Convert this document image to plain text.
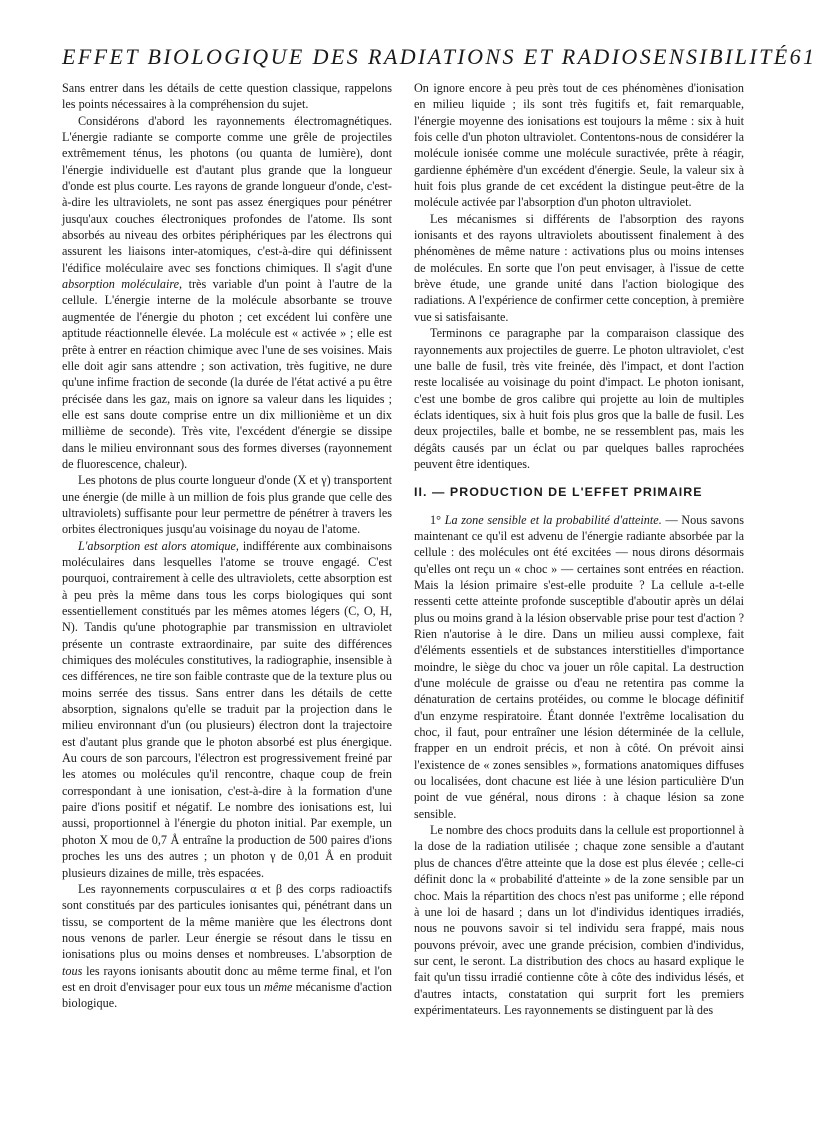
EFFET BIOLOGIQUE DES RADIATIONS ET RADIOSENSIBILITÉ 61

Sans entrer dans les détails de cette question classique, rappelons les points nécessaires à la compréhension du sujet.

Considérons d'abord les rayonnements électromagnétiques. L'énergie radiante se comporte comme une grêle de projectiles extrêmement ténus, les photons (ou quanta de lumière), dont l'énergie individuelle est d'autant plus grande que la longueur d'onde est plus courte. Les rayons de grande longueur d'onde, c'est-à-dire les ultraviolets, ne sont pas assez énergiques pour pénétrer jusqu'aux couches électroniques profondes de l'atome. Ils sont absorbés au niveau des orbites périphériques par les électrons qui assurent les liaisons inter-atomiques, c'est-à-dire qui définissent l'édifice moléculaire avec ses fonctions chimiques. Il s'agit d'une absorption moléculaire, très variable d'un point à l'autre de la cellule. L'énergie interne de la molécule absorbante se trouve augmentée de l'énergie du photon ; cet excédent lui confère une aptitude réactionnelle élevée. La molécule est « activée » ; elle est prête à entrer en réaction chimique avec l'une de ses voisines. Mais elle doit agir sans attendre ; son activation, très fugitive, ne dure qu'une infime fraction de seconde (la durée de l'état activé a pu être précisée dans les gaz, mais on ignore sa valeur dans les liquides ; elle est sans doute comprise entre un dix millionième et un dix millième de seconde). Très vite, l'excédent d'énergie se dissipe dans le milieu environnant sous des formes diverses (rayonnement de fluorescence, chaleur).

Les photons de plus courte longueur d'onde (X et γ) transportent une énergie (de mille à un million de fois plus grande que celle des ultraviolets) suffisante pour leur permettre de pénétrer à travers les orbites électroniques jusqu'au voisinage du noyau de l'atome.

L'absorption est alors atomique, indifférente aux combinaisons moléculaires dans lesquelles l'atome se trouve engagé. C'est pourquoi, contrairement à celle des ultraviolets, cette absorption est à peu près la même dans tous les corps biologiques qui sont essentiellement constitués par les mêmes atomes légers (C, O, H, N). Tandis qu'une photographie par transmission en ultraviolet présente un contraste extraordinaire, par suite des différences chimiques des molécules constitutives, la radiographie, insensible à ces différences, ne tire son faible contraste que de la texture plus ou moins serrée des tissus. Sans entrer dans les détails de cette absorption, signalons qu'elle se traduit par la projection dans le milieu environnant d'un (ou plusieurs) électron dont la trajectoire est d'autant plus grande que le photon absorbé est plus énergique. Au cours de son parcours, l'électron est progressivement freiné par les atomes ou molécules qu'il rencontre, chaque coup de frein correspondant à une ionisation, c'est-à-dire à la formation d'une paire d'ions positif et négatif. Le nombre des ionisations est, lui aussi, proportionnel à l'énergie du photon initial. Par exemple, un photon X mou de 0,7 Å entraîne la production de 500 paires d'ions proches les uns des autres ; un photon γ de 0,01 Å en produit plusieurs dizaines de mille, très espacées.

Les rayonnements corpusculaires α et β des corps radioactifs sont constitués par des particules ionisantes qui, pénétrant dans un tissu, se comportent de la même manière que les électrons dont nous venons de parler. Leur énergie se résout dans le tissu en ionisations plus ou moins denses et nombreuses. L'absorption de tous les rayons ionisants aboutit donc au même terme final, et l'on est en droit d'envisager pour eux tous un même mécanisme d'action biologique.

On ignore encore à peu près tout de ces phénomènes d'ionisation en milieu liquide ; ils sont très fugitifs et, fait remarquable, l'énergie moyenne des ionisations est toujours la même : six à huit fois celle d'un photon ultraviolet. Contentons-nous de considérer la molécule ionisée comme une molécule suractivée, prête à réagir, gardienne éphémère d'un excédent d'énergie. Seule, la valeur six à huit fois plus grande de cet excédent la distingue peut-être de la molécule activée par l'absorption d'un photon ultraviolet.

Les mécanismes si différents de l'absorption des rayons ionisants et des rayons ultraviolets aboutissent finalement à des phénomènes de même nature : activations plus ou moins intenses de molécules. En sorte que l'on peut envisager, à l'issue de cette brève étude, une grande unité dans l'action biologique des radiations. A l'expérience de confirmer cette conception, à première vue si satisfaisante.

Terminons ce paragraphe par la comparaison classique des rayonnements aux projectiles de guerre. Le photon ultraviolet, c'est une balle de fusil, très vite freinée, dès l'impact, et dont l'action reste localisée au voisinage du point d'impact. Le photon ionisant, c'est une bombe de gros calibre qui projette au loin de multiples éclats identiques, six à huit fois plus gros que la balle de fusil. Les deux projectiles, balle et bombe, ne se ressemblent pas, mais les dégâts causés par un éclat ou par quelques balles raprochées peuvent être identiques.

II. — PRODUCTION DE L'EFFET PRIMAIRE

1° La zone sensible et la probabilité d'atteinte. — Nous savons maintenant ce qu'il est advenu de l'énergie radiante absorbée par la cellule : des molécules ont été excitées — nous dirons désormais qu'elles ont reçu un « choc » — certaines sont entrées en réaction. Mais la lésion primaire s'est-elle produite ? La cellule a-t-elle ressenti cette atteinte profonde susceptible d'aboutir après un délai plus ou moins grand à la lésion observable prise pour test d'action ? Rien n'autorise à le dire. Dans un milieu aussi complexe, fait d'éléments essentiels et de substances interstitielles d'importance moindre, le siège du choc va jouer un rôle capital. La destruction d'une molécule de graisse ou d'eau ne retentira pas comme la dénaturation de certains protéides, ou comme le blocage définitif d'un enzyme respiratoire. Étant donnée l'extrême localisation du choc, il faut, pour entraîner une lésion déterminée de la cellule, frapper en un endroit précis, et non à côté. On prévoit ainsi l'existence de « zones sensibles », formations anatomiques diffuses ou localisées, dont chacune est liée à une lésion particulière D'un point de vue général, nous dirons : à chaque lésion sa zone sensible.

Le nombre des chocs produits dans la cellule est proportionnel à la dose de la radiation utilisée ; chaque zone sensible a d'autant plus de chances d'être atteinte que la dose est plus élevée ; celle-ci définit donc la « probabilité d'atteinte » de la zone sensible par un choc. Mais la répartition des chocs n'est pas uniforme ; elle répond à une loi de hasard ; dans un lot d'individus identiques irradiés, nous ne pouvons savoir si tel individu sera frappé, mais nous pouvons prévoir, avec une grande précision, combien d'individus, sur cent, le seront. La distribution des chocs au hasard explique le fait qu'un tissu irradié contienne côte à côte des individus lésés, et d'autres intacts, constatation qui surprit fort les premiers expérimentateurs. Les rayonnements se distinguent par là des
